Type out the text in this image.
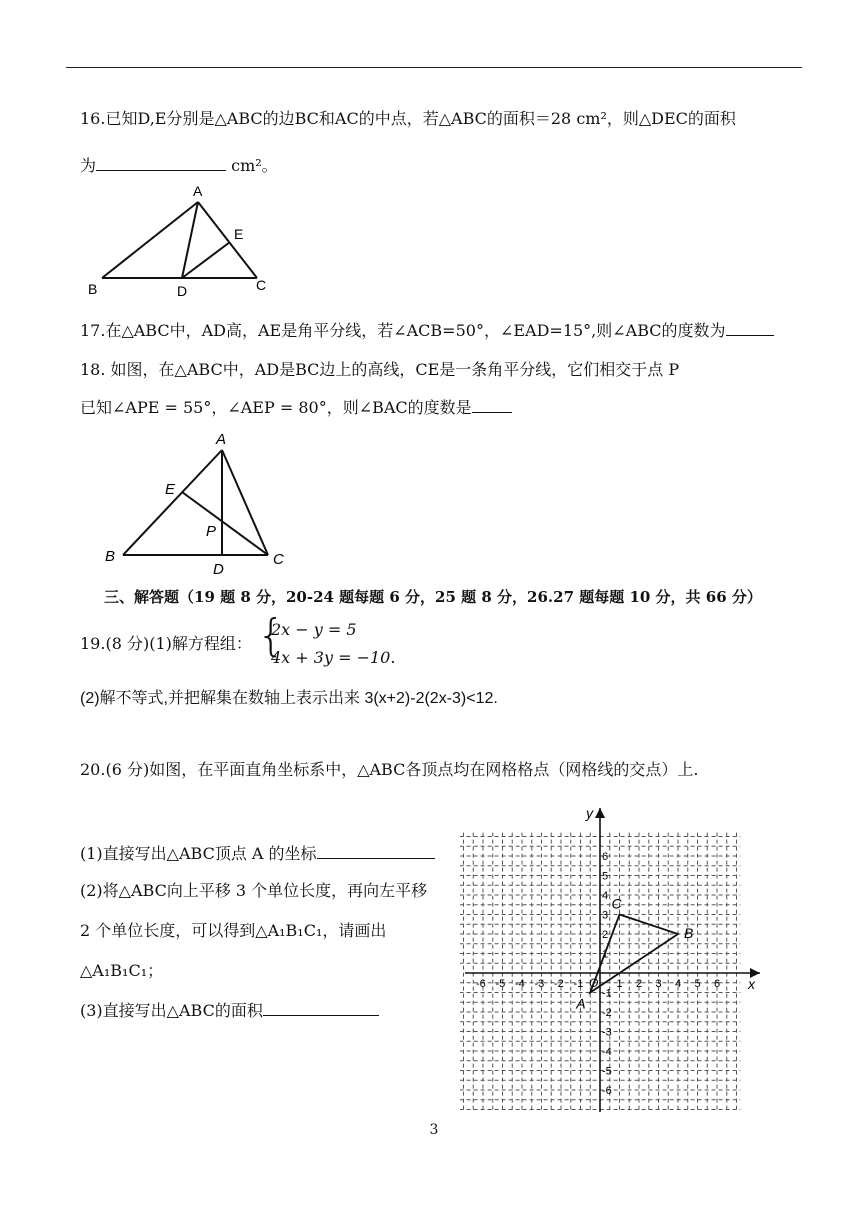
16.已知D,E分别是△ABC的边BC和AC的中点，若△ABC的面积＝28 cm²，则△DEC的面积
为	cm²。
A
B	C
D
E
17.在△ABC中，AD高，AE是角平分线，若∠ACB=50°，∠EAD=15°,则∠ABC的度数为
18. 如图，在△ABC中，AD是BC边上的高线，CE是一条角平分线，它们相交于点 P
已知∠APE = 55°，∠AEP = 80°，则∠BAC的度数是
A
B	C
D
E
P
三、解答题（19 题 8 分，20-24 题每题 6 分，25 题 8 分，26.27 题每题 10 分，共 66 分）
19.(8 分)(1)解方程组： {
2x − y = 5
4x + 3y = −10.
(2)解不等式,并把解集在数轴上表示出来 3(x+2)-2(2x-3)<12.
20.(6 分)如图，在平面直角坐标系中，△ABC各顶点均在网格格点（网格线的交点）上.
(1)直接写出△ABC顶点 A 的坐标
(2)将△ABC向上平移 3 个单位长度，再向左平移
2 个单位长度，可以得到△A₁B₁C₁，请画出
△A₁B₁C₁；
(3)直接写出△ABC的面积
x
y
O
-6 -5 -4 -3 -2 -1	1 2 3 4 5 6
6
5
4
3
2
1
-1
-2
-3
-4
-5
-6
A
B
C
3
